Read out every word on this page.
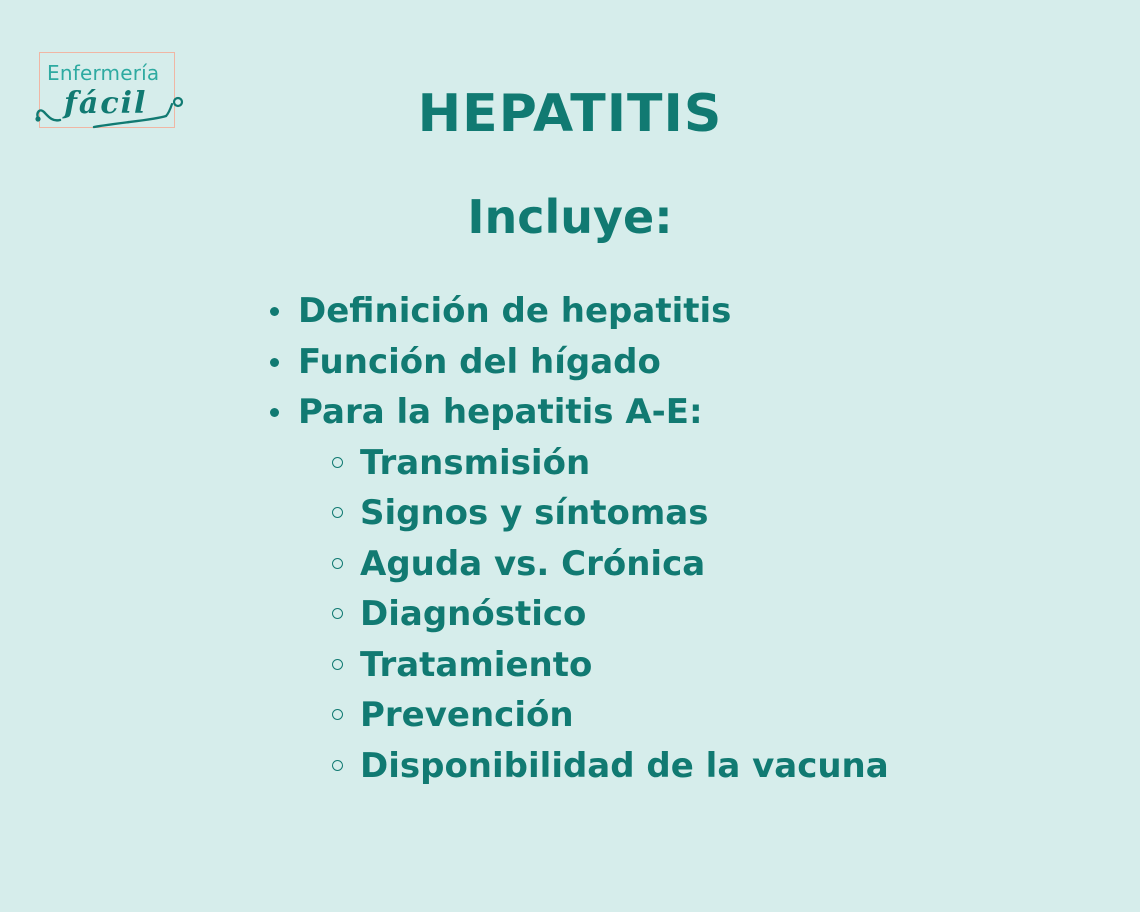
Enfermería
fácil	HEPATITIS
Incluye:
Definición de hepatitis
Función del hígado
Para la hepatitis A-E:
Transmisión
Signos y síntomas
Aguda vs. Crónica
Diagnóstico
Tratamiento
Prevención
Disponibilidad de la vacuna
